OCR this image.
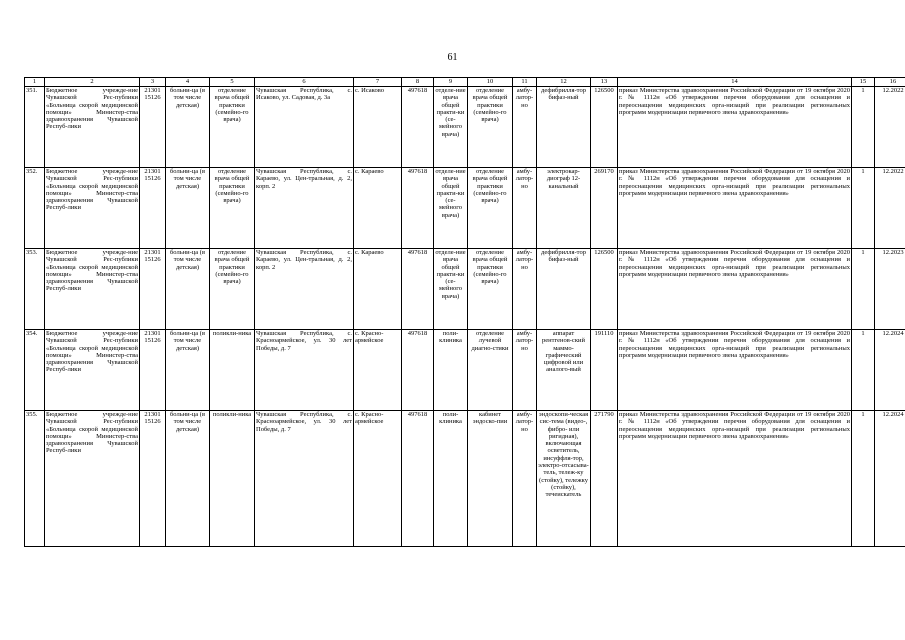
61
1	2	3	4	5	6	7	8	9	10	11	12	13	14	15	16
351.	Бюджетное учрежде-ние Чувашской Рес-публики «Больница скорой медицинской помощи» Министер-ства здравоохранения Чувашской Респуб-лики	21301 15126	больни-ца (в том числе детская)	отделение врача общей практики (семейно-го врача)	Чувашская Республика, с. Исаково, ул. Садовая, д. 3а	с. Исаково	497618	отделе-ние врача общей практи-ки (се-мейного врача)	отделение врача общей практики (семейно-го врача)	амбу-латор-но	дефибрилля-тор бифаз-ный	126500	приказ Министерства здравоохранения Российской Федерации от 19 октября 2020 г. № 1112н «Об утверждении перечня оборудования для оснащения и переоснащения медицинских орга-низаций при реализации региональных программ модернизации первичного звена здравоохранения»	1	12.2022
352.	Бюджетное учрежде-ние Чувашской Рес-публики «Больница скорой медицинской помощи» Министер-ства здравоохранения Чувашской Респуб-лики	21301 15126	больни-ца (в том числе детская)	отделение врача общей практики (семейно-го врача)	Чувашская Республика, с. Караево, ул. Цен-тральная, д. 2, корп. 2	с. Караево	497618	отделе-ние врача общей практи-ки (се-мейного врача)	отделение врача общей практики (семейно-го врача)	амбу-латор-но	электрокар-диограф 12-канальный	269170	приказ Министерства здравоохранения Российской Федерации от 19 октября 2020 г. № 1112н «Об утверждении перечня оборудования для оснащения и переоснащения медицинских орга-низаций при реализации региональных программ модернизации первичного звена здравоохранения»	1	12.2022
353.	Бюджетное учрежде-ние Чувашской Рес-публики «Больница скорой медицинской помощи» Министер-ства здравоохранения Чувашской Респуб-лики	21301 15126	больни-ца (в том числе детская)	отделение врача общей практики (семейно-го врача)	Чувашская Республика, с. Караево, ул. Цен-тральная, д. 2, корп. 2	с. Караево	497618	отделе-ние врача общей практи-ки (се-мейного врача)	отделение врача общей практики (семейно-го врача)	амбу-латор-но	дефибрилля-тор бифаз-ный	126500	приказ Министерства здравоохранения Российской Федерации от 19 октября 2020 г. № 1112н «Об утверждении перечня оборудования для оснащения и переоснащения медицинских орга-низаций при реализации региональных программ модернизации первичного звена здравоохранения»	1	12.2023
354.	Бюджетное учрежде-ние Чувашской Рес-публики «Больница скорой медицинской помощи» Министер-ства здравоохранения Чувашской Респуб-лики	21301 15126	больни-ца (в том числе детская)	поликли-ника	Чувашская Республика, с. Красноармейское, ул. 30 лет Победы, д. 7	с. Красно-армейское	497618	поли-клиника	отделение лучевой диагно-стики	амбу-латор-но	аппарат рентгенов-ский маммо-графический цифровой или аналого-вый	191110	приказ Министерства здравоохранения Российской Федерации от 19 октября 2020 г. № 1112н «Об утверждении перечня оборудования для оснащения и переоснащения медицинских орга-низаций при реализации региональных программ модернизации первичного звена здравоохранения»	1	12.2024
355.	Бюджетное учрежде-ние Чувашской Рес-публики «Больница скорой медицинской помощи» Министер-ства здравоохранения Чувашской Респуб-лики	21301 15126	больни-ца (в том числе детская)	поликли-ника	Чувашская Республика, с. Красноармейское, ул. 30 лет Победы, д. 7	с. Красно-армейское	497618	поли-клиника	кабинет эндоско-пии	амбу-латор-но	эндоскопи-ческая сис-тема (видео-, фибро- или ригидная), включающая осветитель, инсуффля-тор, электро-отсасыва-тель, тележ-ку (стойку), тележку (стойку), течеискатель	271790	приказ Министерства здравоохранения Российской Федерации от 19 октября 2020 г. № 1112н «Об утверждении перечня оборудования для оснащения и переоснащения медицинских орга-низаций при реализации региональных программ модернизации первичного звена здравоохранения»	1	12.2024
